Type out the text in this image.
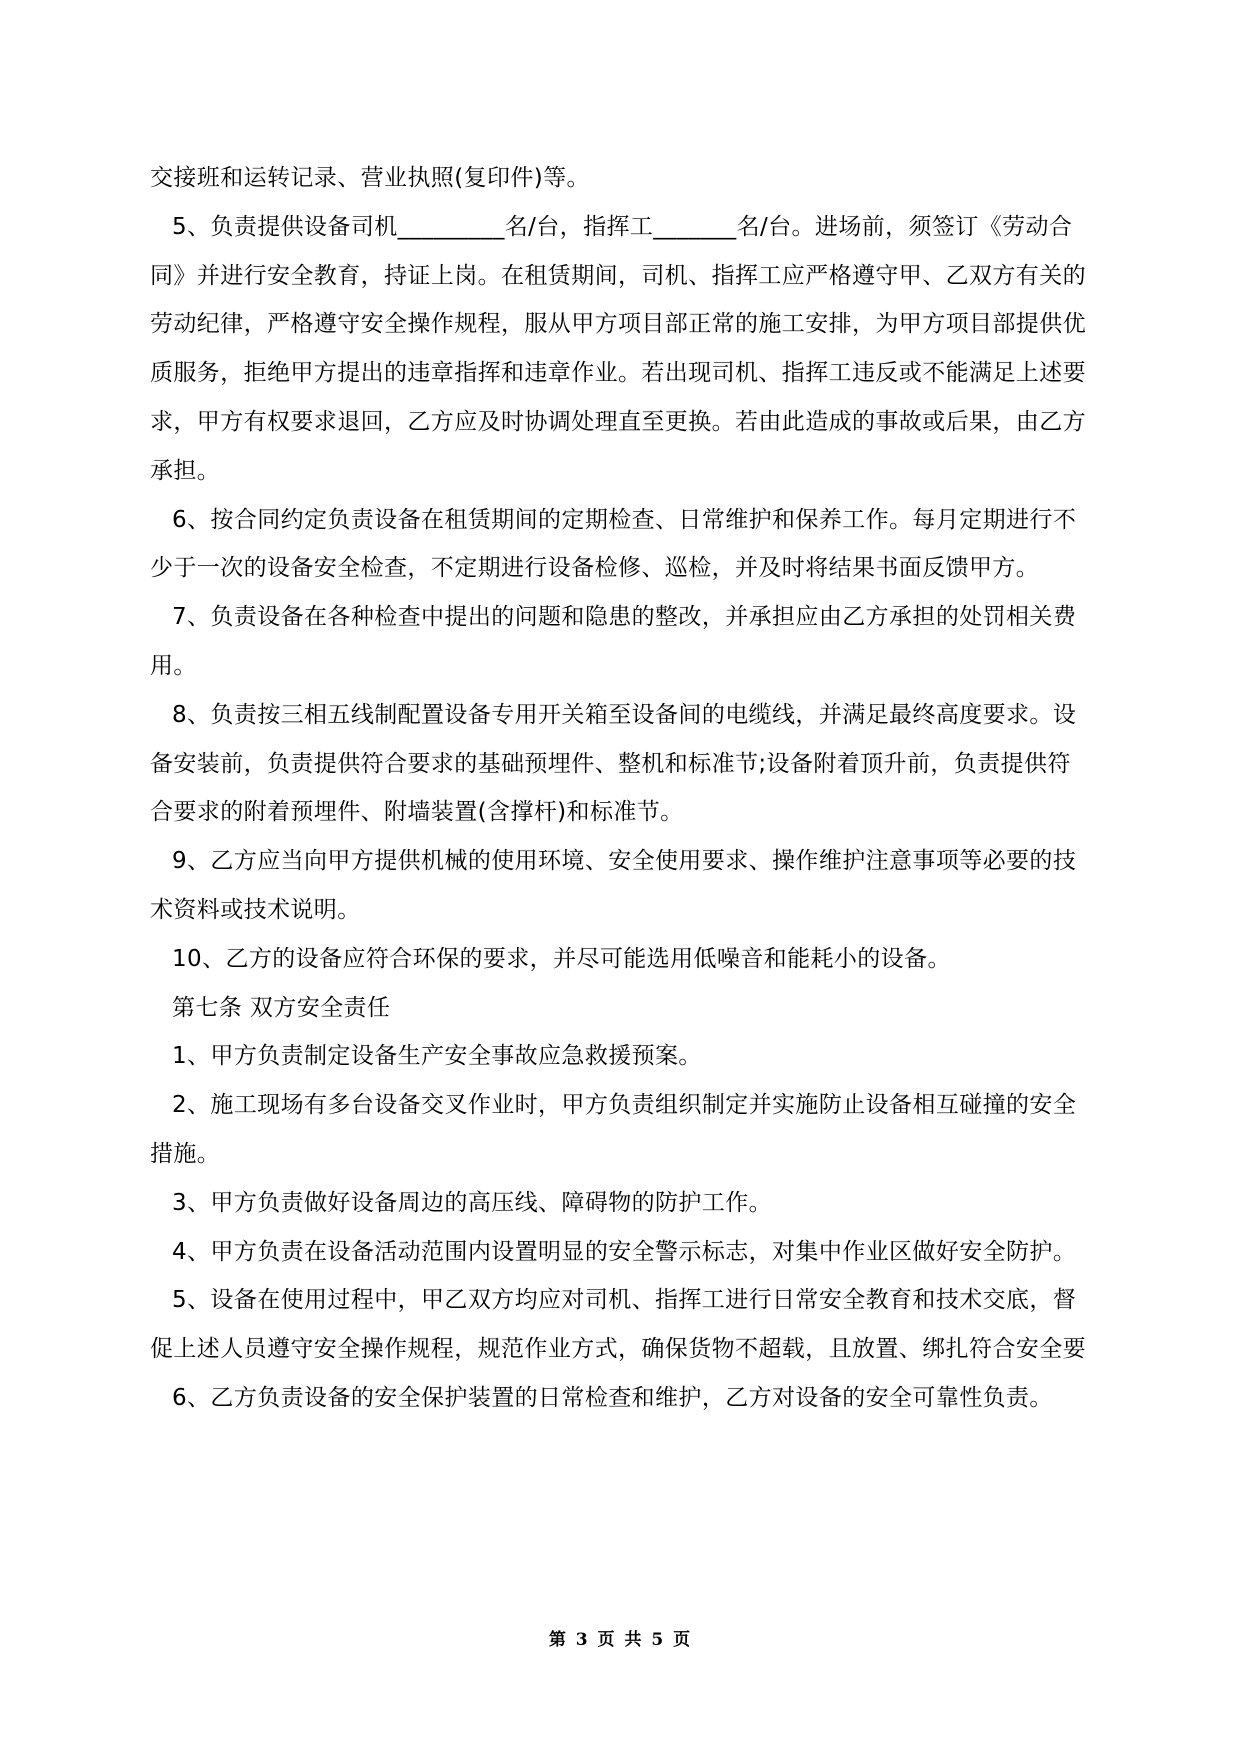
交接班和运转记录、营业执照(复印件)等。

5、负责提供设备司机_________名/台，指挥工_______名/台。进场前，须签订《劳动合同》并进行安全教育，持证上岗。在租赁期间，司机、指挥工应严格遵守甲、乙双方有关的劳动纪律，严格遵守安全操作规程，服从甲方项目部正常的施工安排，为甲方项目部提供优质服务，拒绝甲方提出的违章指挥和违章作业。若出现司机、指挥工违反或不能满足上述要求，甲方有权要求退回，乙方应及时协调处理直至更换。若由此造成的事故或后果，由乙方承担。

6、按合同约定负责设备在租赁期间的定期检查、日常维护和保养工作。每月定期进行不少于一次的设备安全检查，不定期进行设备检修、巡检，并及时将结果书面反馈甲方。

7、负责设备在各种检查中提出的问题和隐患的整改，并承担应由乙方承担的处罚相关费用。

8、负责按三相五线制配置设备专用开关箱至设备间的电缆线，并满足最终高度要求。设备安装前，负责提供符合要求的基础预埋件、整机和标准节;设备附着顶升前，负责提供符合要求的附着预埋件、附墙装置(含撑杆)和标准节。

9、乙方应当向甲方提供机械的使用环境、安全使用要求、操作维护注意事项等必要的技术资料或技术说明。

10、乙方的设备应符合环保的要求，并尽可能选用低噪音和能耗小的设备。

第七条 双方安全责任

1、甲方负责制定设备生产安全事故应急救援预案。

2、施工现场有多台设备交叉作业时，甲方负责组织制定并实施防止设备相互碰撞的安全措施。

3、甲方负责做好设备周边的高压线、障碍物的防护工作。

4、甲方负责在设备活动范围内设置明显的安全警示标志，对集中作业区做好安全防护。

5、设备在使用过程中，甲乙双方均应对司机、指挥工进行日常安全教育和技术交底，督促上述人员遵守安全操作规程，规范作业方式，确保货物不超载，且放置、绑扎符合安全要

6、乙方负责设备的安全保护装置的日常检查和维护，乙方对设备的安全可靠性负责。

第 3 页 共 5 页
